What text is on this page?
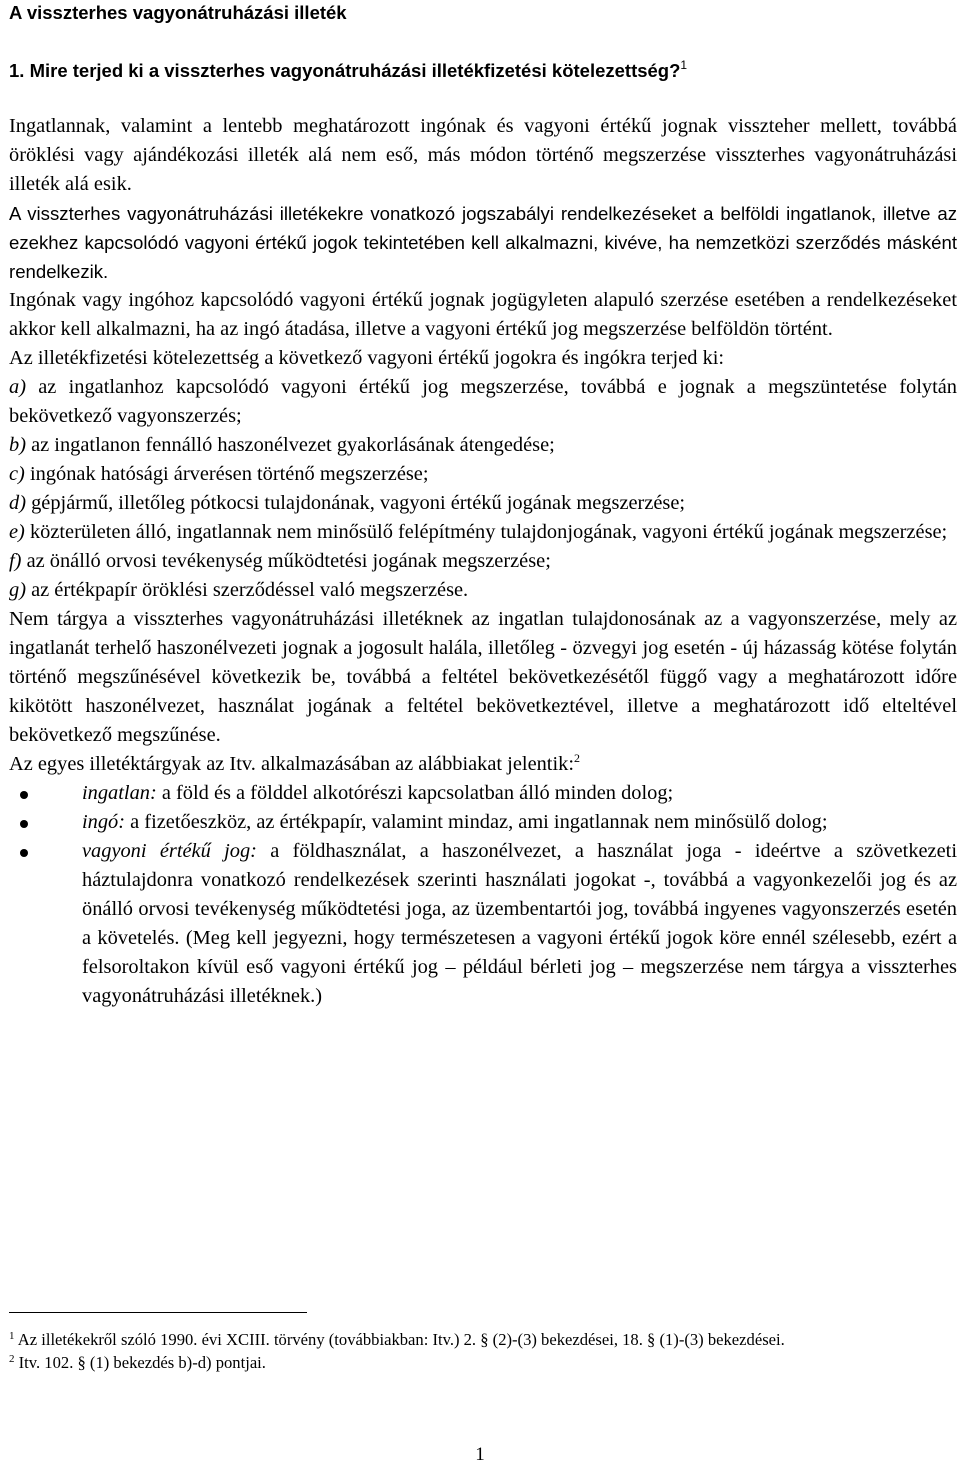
A visszterhes vagyonátruházási illeték
1. Mire terjed ki a visszterhes vagyonátruházási illetékfizetési kötelezettség?$^1$

Ingatlannak, valamint a lentebb meghatározott ingónak és vagyoni értékű jognak visszteher mellett, továbbá öröklési vagy ajándékozási illeték alá nem eső, más módon történő megszerzése visszterhes vagyonátruházási illeték alá esik.

A visszterhes vagyonátruházási illetékekre vonatkozó jogszabályi rendelkezéseket a belföldi ingatlanok, illetve az ezekhez kapcsolódó vagyoni értékű jogok tekintetében kell alkalmazni, kivéve, ha nemzetközi szerződés másként rendelkezik.

Ingónak vagy ingóhoz kapcsolódó vagyoni értékű jognak jogügyleten alapuló szerzése esetében a rendelkezéseket akkor kell alkalmazni, ha az ingó átadása, illetve a vagyoni értékű jog megszerzése belföldön történt.

Az illetékfizetési kötelezettség a következő vagyoni értékű jogokra és ingókra terjed ki:

a) az ingatlanhoz kapcsolódó vagyoni értékű jog megszerzése, továbbá e jognak a megszüntetése folytán bekövetkező vagyonszerzés;

b) az ingatlanon fennálló haszonélvezet gyakorlásának átengedése;

c) ingónak hatósági árverésen történő megszerzése;

d) gépjármű, illetőleg pótkocsi tulajdonának, vagyoni értékű jogának megszerzése;

e) közterületen álló, ingatlannak nem minősülő felépítmény tulajdonjogának, vagyoni értékű jogának megszerzése;

f) az önálló orvosi tevékenység működtetési jogának megszerzése;

g) az értékpapír öröklési szerződéssel való megszerzése.

Nem tárgya a visszterhes vagyonátruházási illetéknek az ingatlan tulajdonosának az a vagyonszerzése, mely az ingatlanát terhelő haszonélvezeti jognak a jogosult halála, illetőleg - özvegyi jog esetén - új házasság kötése folytán történő megszűnésével következik be, továbbá a feltétel bekövetkezésétől függő vagy a meghatározott időre kikötött haszonélvezet, használat jogának a feltétel bekövetkeztével, illetve a meghatározott idő elteltével bekövetkező megszűnése.

Az egyes illetéktárgyak az Itv. alkalmazásában az alábbiakat jelentik:$^2$

ingatlan: a föld és a földdel alkotórészi kapcsolatban álló minden dolog;
ingó: a fizetőeszköz, az értékpapír, valamint mindaz, ami ingatlannak nem minősülő dolog;
vagyoni értékű jog: a földhasználat, a haszonélvezet, a használat joga - ideértve a szövetkezeti háztulajdonra vonatkozó rendelkezések szerinti használati jogokat -, továbbá a vagyonkezelői jog és az önálló orvosi tevékenység működtetési joga, az üzembentartói jog, továbbá ingyenes vagyonszerzés esetén a követelés. (Meg kell jegyezni, hogy természetesen a vagyoni értékű jogok köre ennél szélesebb, ezért a felsoroltakon kívül eső vagyoni értékű jog – például bérleti jog – megszerzése nem tárgya a visszterhes vagyonátruházási illetéknek.)

$^1$ Az illetékekről szóló 1990. évi XCIII. törvény (továbbiakban: Itv.) 2. § (2)-(3) bekezdései, 18. § (1)-(3) bekezdései.

$^2$ Itv. 102. § (1) bekezdés b)-d) pontjai.

1
